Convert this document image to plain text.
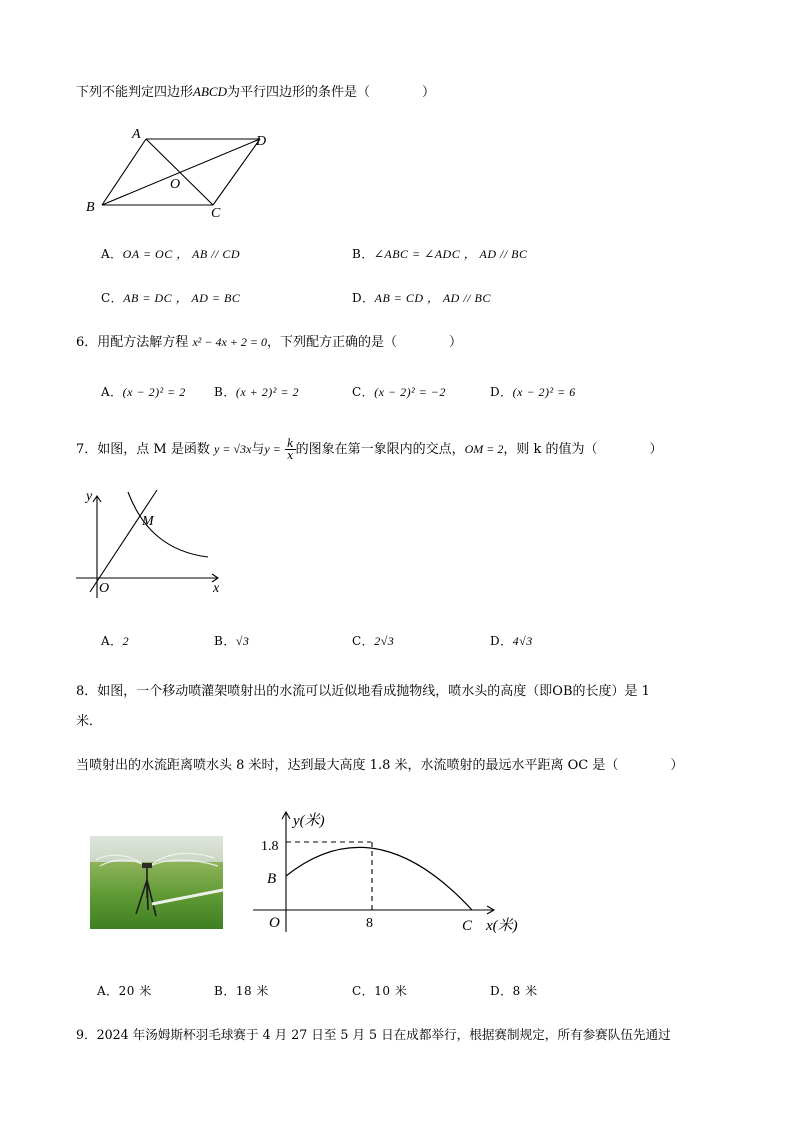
下列不能判定四边形ABCD为平行四边形的条件是（　　　　）
A	D
B	C
O
A．OA = OC ， AB // CD	B．∠ABC = ∠ADC ， AD // BC
C．AB = DC ， AD = BC	D．AB = CD ， AD // BC
6．用配方法解方程 x² − 4x + 2 = 0，下列配方正确的是（　　　　）
A．(x − 2)² = 2 B．(x + 2)² = 2	C．(x − 2)² = −2	D．(x − 2)² = 6
7．如图，点 M 是函数 y = √3x与$y = \frac{k}{x}$ 的图象在第一象限内的交点，OM = 2，则 k 的值为（　　　　）
y
x
O
M
A．2	B．√3	C．2√3	D．4√3
8．如图，一个移动喷灌架喷射出的水流可以近似地看成抛物线，喷水头的高度（即OB的长度）是 1
米．
当喷射出的水流距离喷水头 8 米时，达到最大高度 1.8 米，水流喷射的最远水平距离 OC 是（　　　　）
y(米)
x(米)
1.8
B
O	8	C
A．20 米	B．18 米	C．10 米	D．8 米
9．2024 年汤姆斯杯羽毛球赛于 4 月 27 日至 5 月 5 日在成都举行，根据赛制规定，所有参赛队伍先通过
